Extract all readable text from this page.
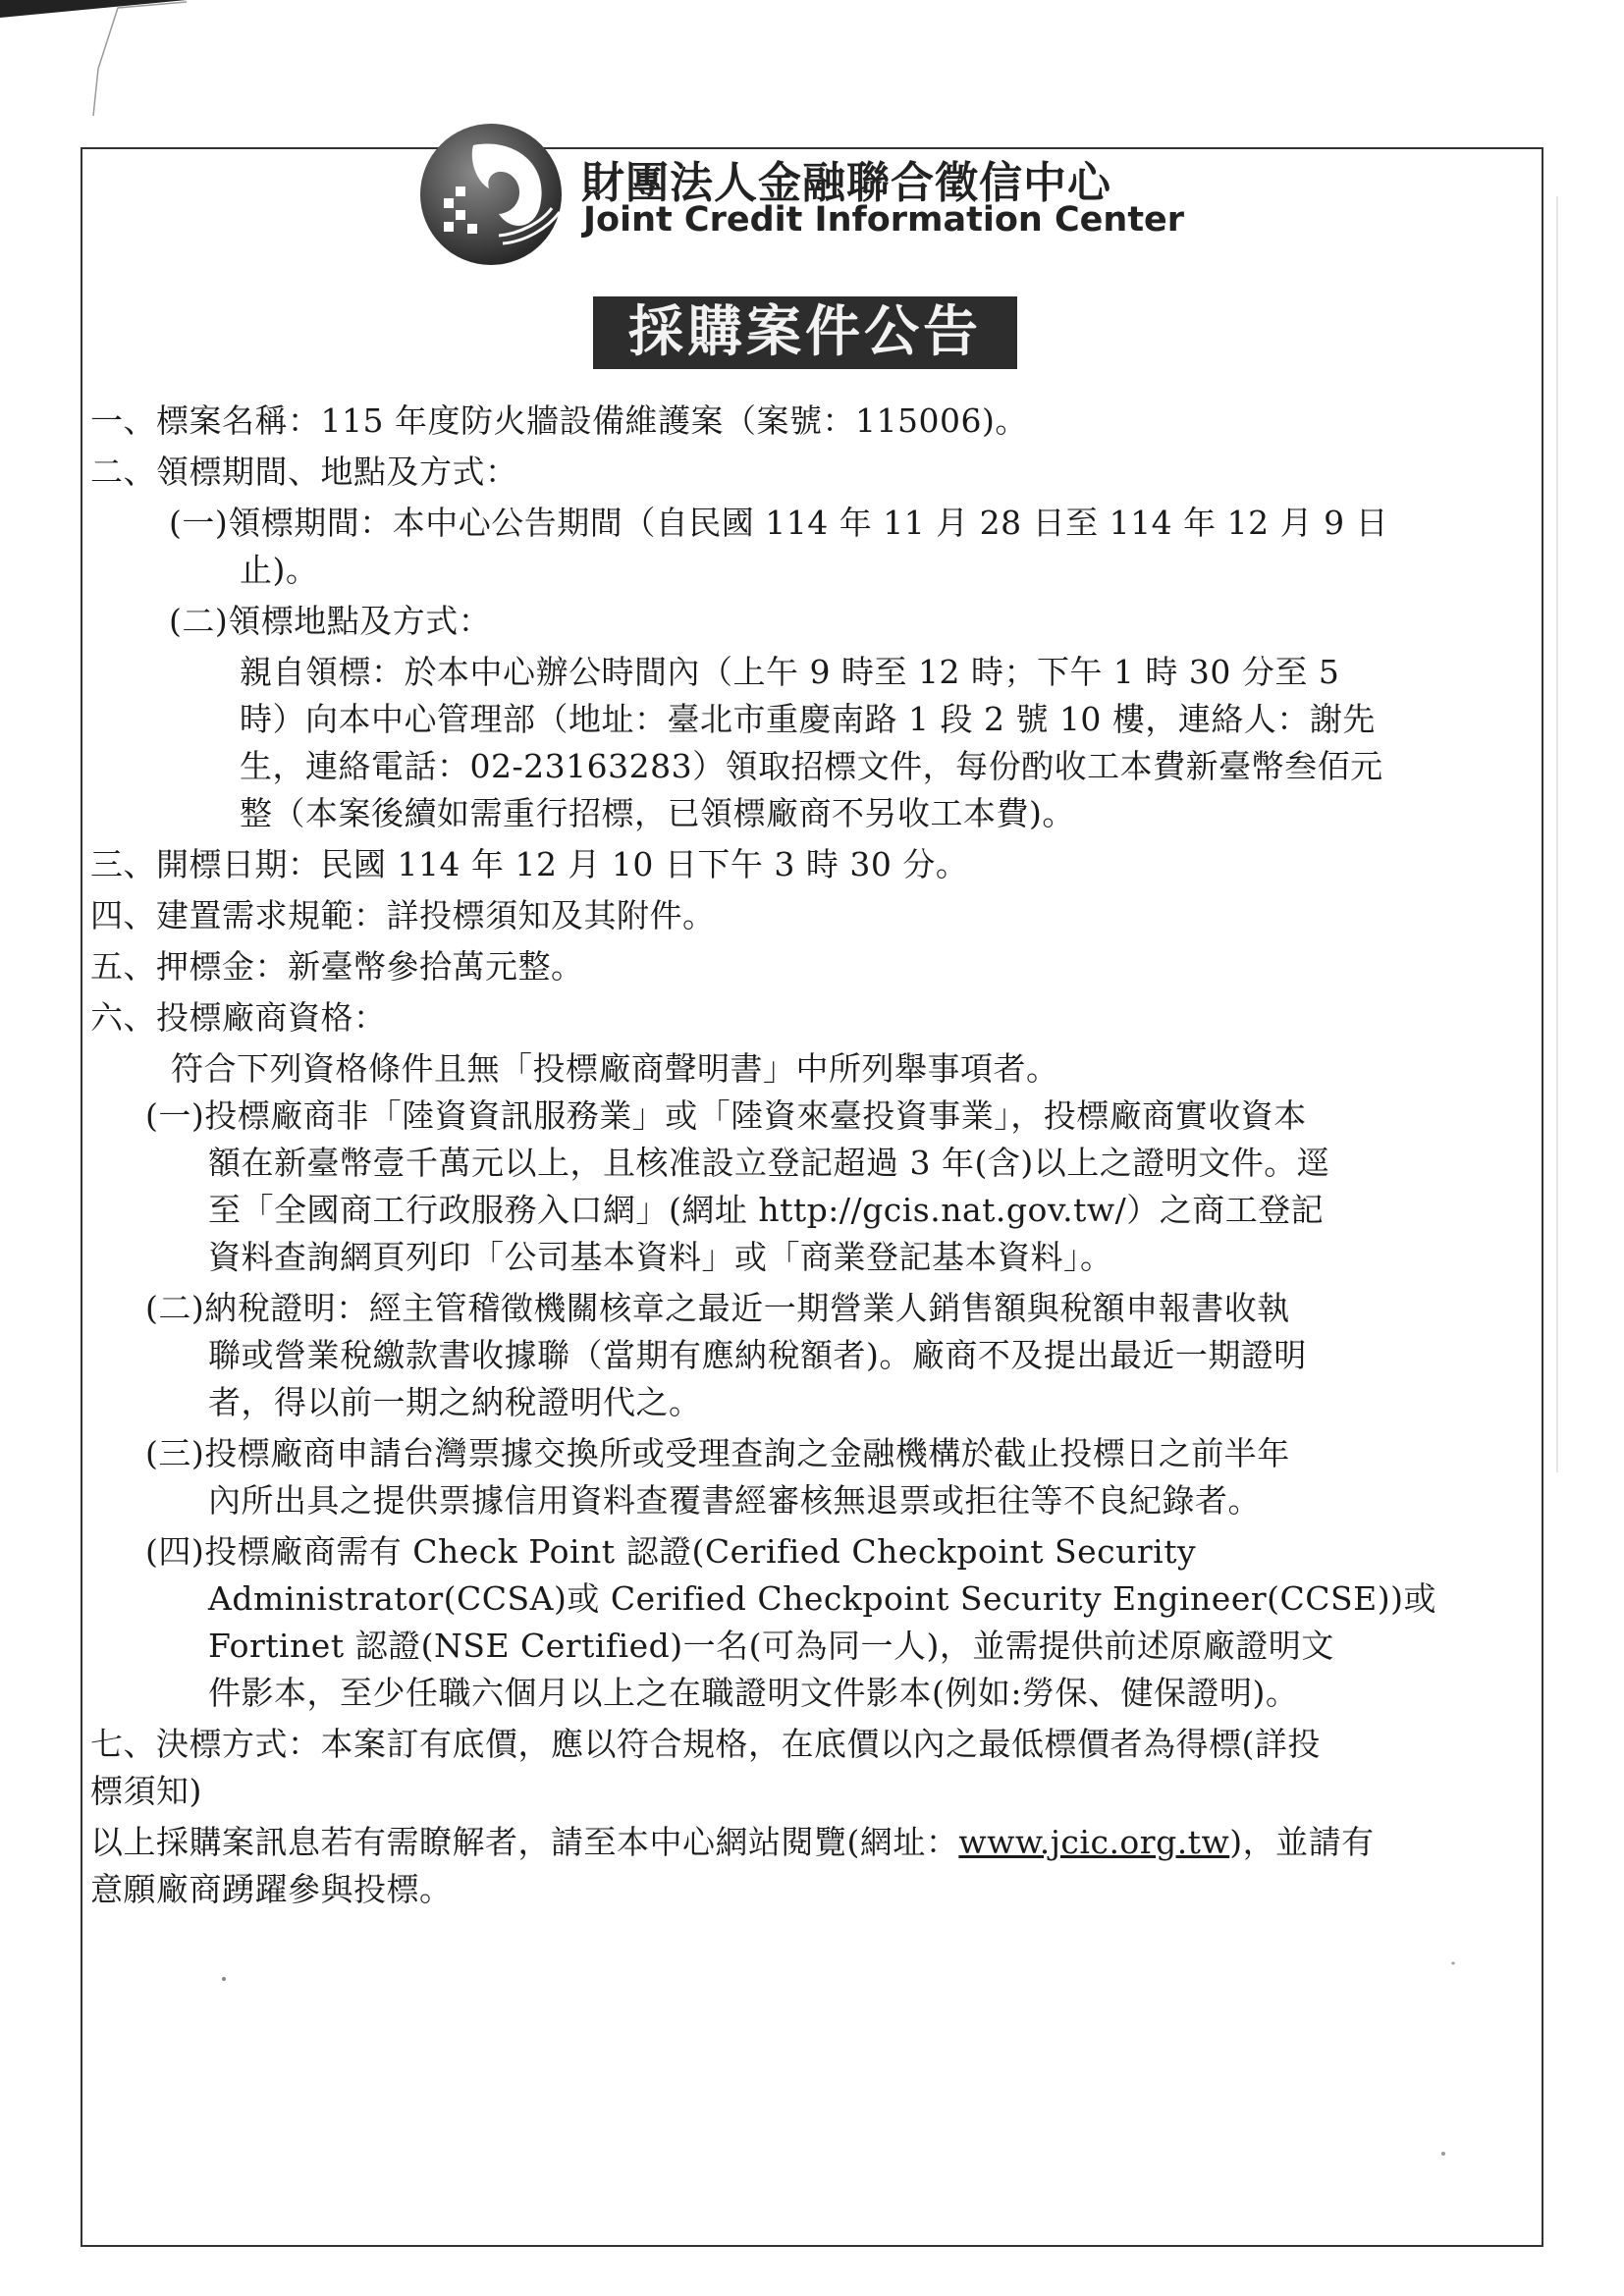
財團法人金融聯合徵信中心
Joint Credit Information Center
採購案件公告
一、標案名稱：115 年度防火牆設備維護案（案號：115006)。
二、領標期間、地點及方式：
(一)領標期間：本中心公告期間（自民國 114 年 11 月 28 日至 114 年 12 月 9 日
止)。
(二)領標地點及方式：
親自領標：於本中心辦公時間內（上午 9 時至 12 時；下午 1 時 30 分至 5
時）向本中心管理部（地址：臺北市重慶南路 1 段 2 號 10 樓，連絡人：謝先
生，連絡電話：02-23163283）領取招標文件，每份酌收工本費新臺幣叁佰元
整（本案後續如需重行招標，已領標廠商不另收工本費)。
三、開標日期：民國 114 年 12 月 10 日下午 3 時 30 分。
四、建置需求規範：詳投標須知及其附件。
五、押標金：新臺幣參拾萬元整。
六、投標廠商資格：
符合下列資格條件且無「投標廠商聲明書」中所列舉事項者。
(一)投標廠商非「陸資資訊服務業」或「陸資來臺投資事業」，投標廠商實收資本
額在新臺幣壹千萬元以上，且核准設立登記超過 3 年(含)以上之證明文件。逕
至「全國商工行政服務入口網」(網址 http://gcis.nat.gov.tw/）之商工登記
資料查詢網頁列印「公司基本資料」或「商業登記基本資料」。
(二)納稅證明：經主管稽徵機關核章之最近一期營業人銷售額與稅額申報書收執
聯或營業稅繳款書收據聯（當期有應納稅額者)。廠商不及提出最近一期證明
者，得以前一期之納稅證明代之。
(三)投標廠商申請台灣票據交換所或受理查詢之金融機構於截止投標日之前半年
內所出具之提供票據信用資料查覆書經審核無退票或拒往等不良紀錄者。
(四)投標廠商需有 Check Point 認證(Cerified Checkpoint Security
Administrator(CCSA)或 Cerified Checkpoint Security Engineer(CCSE))或
Fortinet 認證(NSE Certified)一名(可為同一人)，並需提供前述原廠證明文
件影本，至少任職六個月以上之在職證明文件影本(例如:勞保、健保證明)。
七、決標方式：本案訂有底價，應以符合規格，在底價以內之最低標價者為得標(詳投
標須知)
以上採購案訊息若有需瞭解者，請至本中心網站閱覽(網址：www.jcic.org.tw)，並請有
意願廠商踴躍參與投標。
